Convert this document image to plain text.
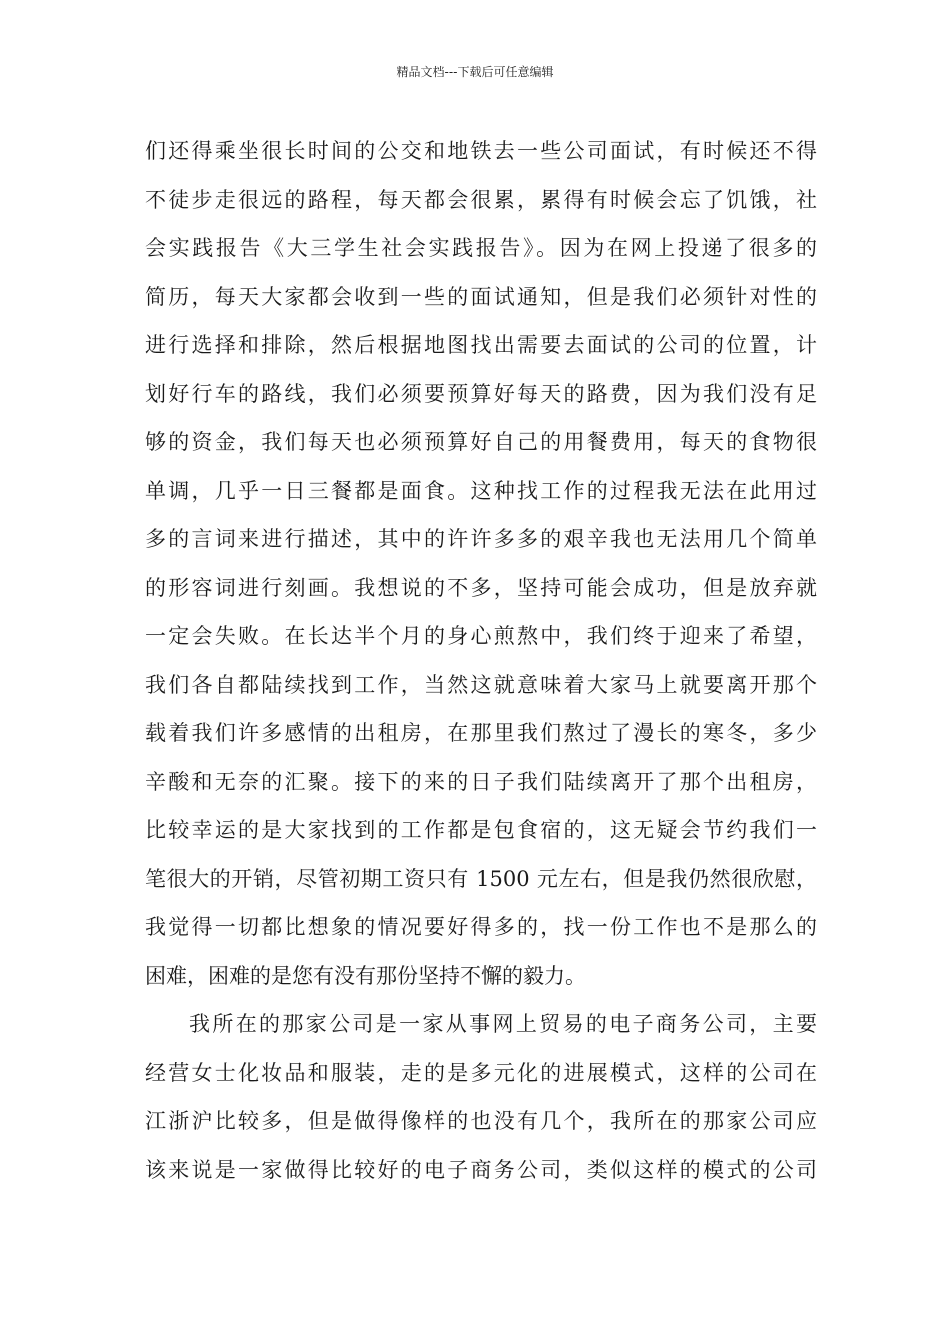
精品文档---下载后可任意编辑
们还得乘坐很长时间的公交和地铁去一些公司面试，有时候还不得
不徒步走很远的路程，每天都会很累，累得有时候会忘了饥饿，社
会实践报告《大三学生社会实践报告》。因为在网上投递了很多的
简历，每天大家都会收到一些的面试通知，但是我们必须针对性的
进行选择和排除，然后根据地图找出需要去面试的公司的位置，计
划好行车的路线，我们必须要预算好每天的路费，因为我们没有足
够的资金，我们每天也必须预算好自己的用餐费用，每天的食物很
单调，几乎一日三餐都是面食。这种找工作的过程我无法在此用过
多的言词来进行描述，其中的许许多多的艰辛我也无法用几个简单
的形容词进行刻画。我想说的不多，坚持可能会成功，但是放弃就
一定会失败。在长达半个月的身心煎熬中，我们终于迎来了希望，
我们各自都陆续找到工作，当然这就意味着大家马上就要离开那个
载着我们许多感情的出租房，在那里我们熬过了漫长的寒冬，多少
辛酸和无奈的汇聚。接下的来的日子我们陆续离开了那个出租房，
比较幸运的是大家找到的工作都是包食宿的，这无疑会节约我们一
笔很大的开销，尽管初期工资只有 1500 元左右，但是我仍然很欣慰，
我觉得一切都比想象的情况要好得多的，找一份工作也不是那么的
困难，困难的是您有没有那份坚持不懈的毅力。
我所在的那家公司是一家从事网上贸易的电子商务公司，主要
经营女士化妆品和服装，走的是多元化的进展模式，这样的公司在
江浙沪比较多，但是做得像样的也没有几个，我所在的那家公司应
该来说是一家做得比较好的电子商务公司，类似这样的模式的公司
